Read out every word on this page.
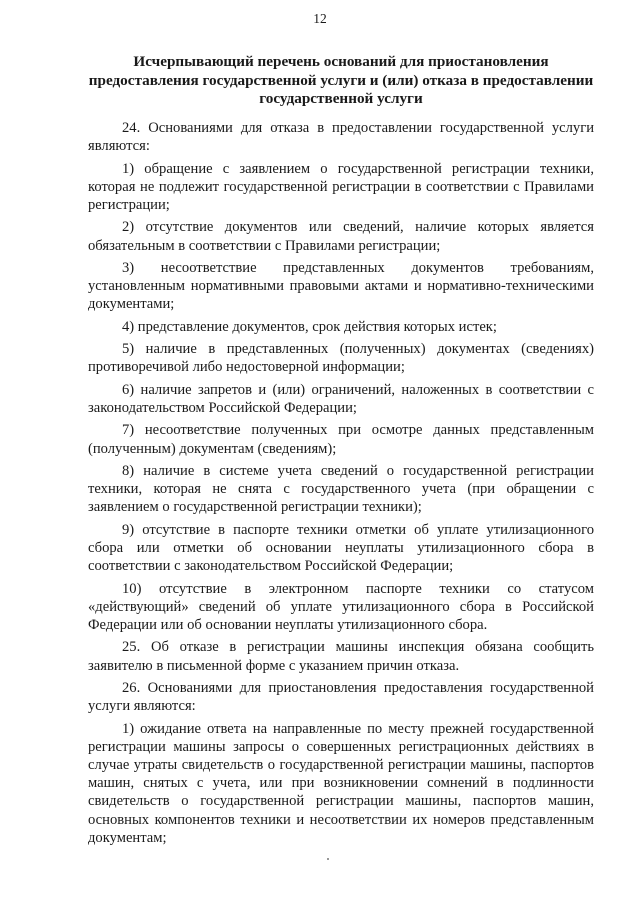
12
Исчерпывающий перечень оснований для приостановления предоставления государственной услуги и (или) отказа в предоставлении государственной услуги

24. Основаниями для отказа в предоставлении государственной услуги являются:

1) обращение с заявлением о государственной регистрации техники, которая не подлежит государственной регистрации в соответствии с Правилами регистрации;

2) отсутствие документов или сведений, наличие которых является обязательным в соответствии с Правилами регистрации;

3) несоответствие представленных документов требованиям, установленным нормативными правовыми актами и нормативно-техническими документами;

4) представление документов, срок действия которых истек;

5) наличие в представленных (полученных) документах (сведениях) противоречивой либо недостоверной информации;

6) наличие запретов и (или) ограничений, наложенных в соответствии с законодательством Российской Федерации;

7) несоответствие полученных при осмотре данных представленным (полученным) документам (сведениям);

8) наличие в системе учета сведений о государственной регистрации техники, которая не снята с государственного учета (при обращении с заявлением о государственной регистрации техники);

9) отсутствие в паспорте техники отметки об уплате утилизационного сбора или отметки об основании неуплаты утилизационного сбора в соответствии с законодательством Российской Федерации;

10) отсутствие в электронном паспорте техники со статусом «действующий» сведений об уплате утилизационного сбора в Российской Федерации или об основании неуплаты утилизационного сбора.

25. Об отказе в регистрации машины инспекция обязана сообщить заявителю в письменной форме с указанием причин отказа.

26. Основаниями для приостановления предоставления государственной услуги являются:

1) ожидание ответа на направленные по месту прежней государственной регистрации машины запросы о совершенных регистрационных действиях в случае утраты свидетельств о государственной регистрации машины, паспортов машин, снятых с учета, или при возникновении сомнений в подлинности свидетельств о государственной регистрации машины, паспортов машин, основных компонентов техники и несоответствии их номеров представленным документам;
